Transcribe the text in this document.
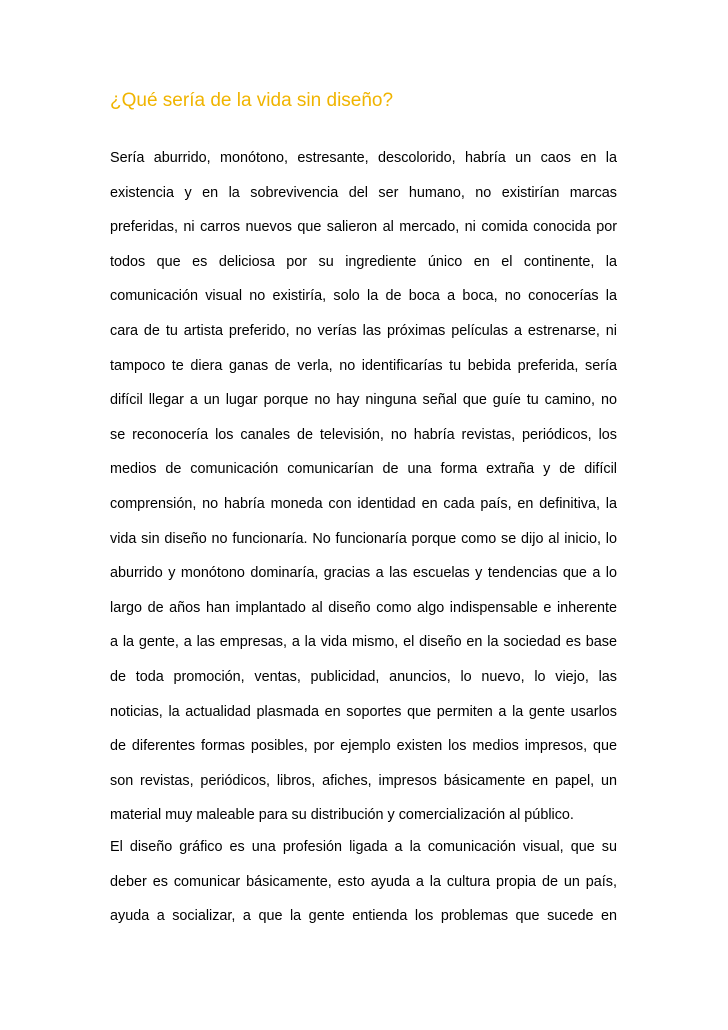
¿Qué sería de la vida sin diseño?
Sería aburrido, monótono, estresante, descolorido, habría un caos en la
existencia y en la sobrevivencia del ser humano, no existirían marcas
preferidas, ni carros nuevos que salieron al mercado, ni comida conocida por
todos que es deliciosa por su ingrediente único en el continente, la
comunicación visual no existiría, solo la de boca a boca, no conocerías la
cara de tu artista preferido, no verías las próximas películas a estrenarse, ni
tampoco te diera ganas de verla, no identificarías tu bebida preferida, sería
difícil llegar a un lugar porque no hay ninguna señal que guíe tu camino, no
se reconocería los canales de televisión, no habría revistas, periódicos, los
medios de comunicación comunicarían de una forma extraña y de difícil
comprensión, no habría moneda con identidad en cada país, en definitiva, la
vida sin diseño no funcionaría. No funcionaría porque como se dijo al inicio, lo
aburrido y monótono dominaría, gracias a las escuelas y tendencias que a lo
largo de años han implantado al diseño como algo indispensable e inherente
a la gente, a las empresas, a la vida mismo, el diseño en la sociedad es base
de toda promoción, ventas, publicidad, anuncios, lo nuevo, lo viejo, las
noticias, la actualidad plasmada en soportes que permiten a la gente usarlos
de diferentes formas posibles, por ejemplo existen los medios impresos, que
son revistas, periódicos, libros, afiches, impresos básicamente en papel, un
material muy maleable para su distribución y comercialización al público.
El diseño gráfico es una profesión ligada a la comunicación visual, que su
deber es comunicar básicamente, esto ayuda a la cultura propia de un país,
ayuda a socializar, a que la gente entienda los problemas que sucede en
